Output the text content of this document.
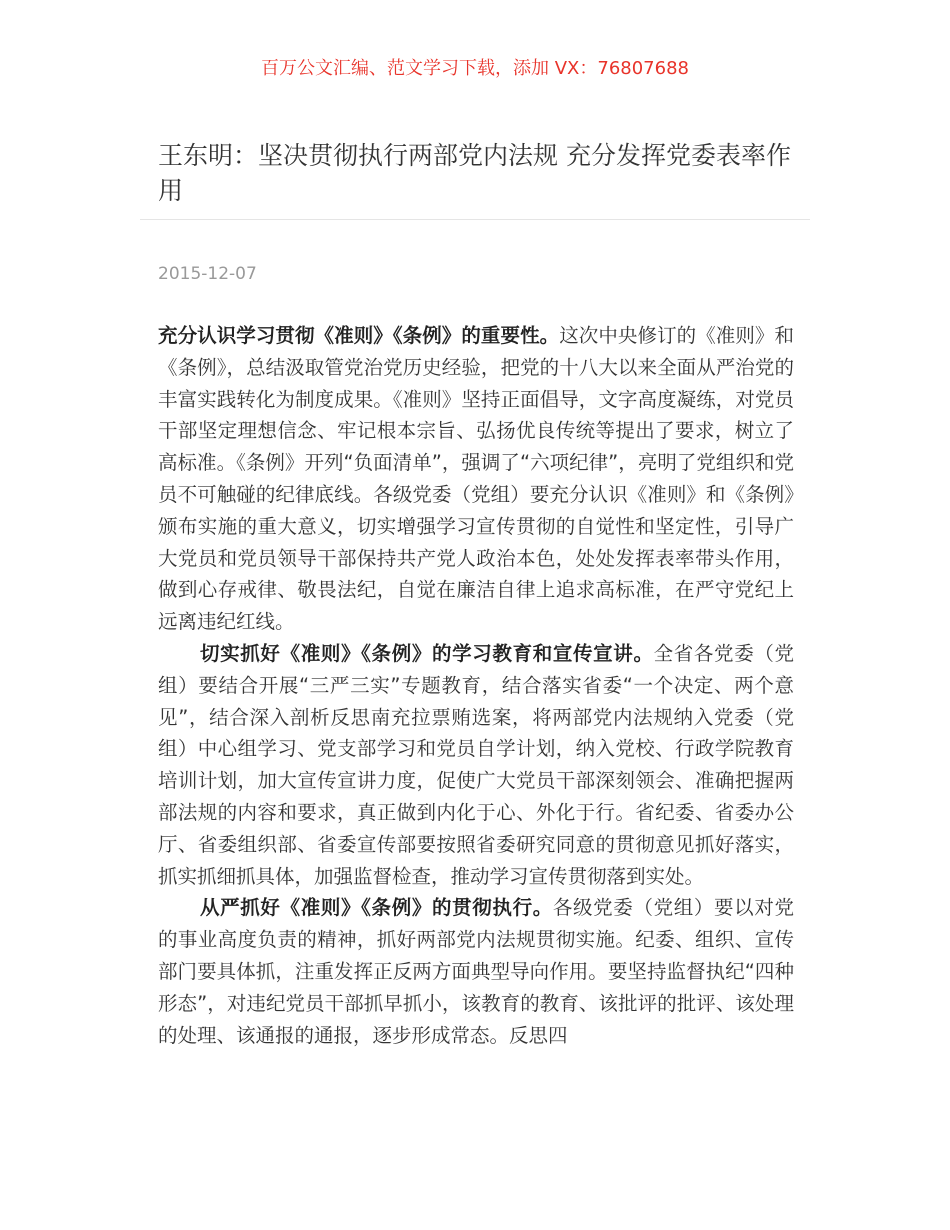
百万公文汇编、范文学习下载，添加 VX：76807688
王东明：坚决贯彻执行两部党内法规 充分发挥党委表率作用
2015-12-07

充分认识学习贯彻《准则》《条例》的重要性。这次中央修订的《准则》和《条例》，总结汲取管党治党历史经验，把党的十八大以来全面从严治党的丰富实践转化为制度成果。《准则》坚持正面倡导，文字高度凝练，对党员干部坚定理想信念、牢记根本宗旨、弘扬优良传统等提出了要求，树立了高标准。《条例》开列“负面清单”，强调了“六项纪律”，亮明了党组织和党员不可触碰的纪律底线。各级党委（党组）要充分认识《准则》和《条例》颁布实施的重大意义，切实增强学习宣传贯彻的自觉性和坚定性，引导广大党员和党员领导干部保持共产党人政治本色，处处发挥表率带头作用，做到心存戒律、敬畏法纪，自觉在廉洁自律上追求高标准，在严守党纪上远离违纪红线。

切实抓好《准则》《条例》的学习教育和宣传宣讲。全省各党委（党组）要结合开展“三严三实”专题教育，结合落实省委“一个决定、两个意见”，结合深入剖析反思南充拉票贿选案，将两部党内法规纳入党委（党组）中心组学习、党支部学习和党员自学计划，纳入党校、行政学院教育培训计划，加大宣传宣讲力度，促使广大党员干部深刻领会、准确把握两部法规的内容和要求，真正做到内化于心、外化于行。省纪委、省委办公厅、省委组织部、省委宣传部要按照省委研究同意的贯彻意见抓好落实，抓实抓细抓具体，加强监督检查，推动学习宣传贯彻落到实处。

从严抓好《准则》《条例》的贯彻执行。各级党委（党组）要以对党的事业高度负责的精神，抓好两部党内法规贯彻实施。纪委、组织、宣传部门要具体抓，注重发挥正反两方面典型导向作用。要坚持监督执纪“四种形态”，对违纪党员干部抓早抓小，该教育的教育、该批评的批评、该处理的处理、该通报的通报，逐步形成常态。反思四
